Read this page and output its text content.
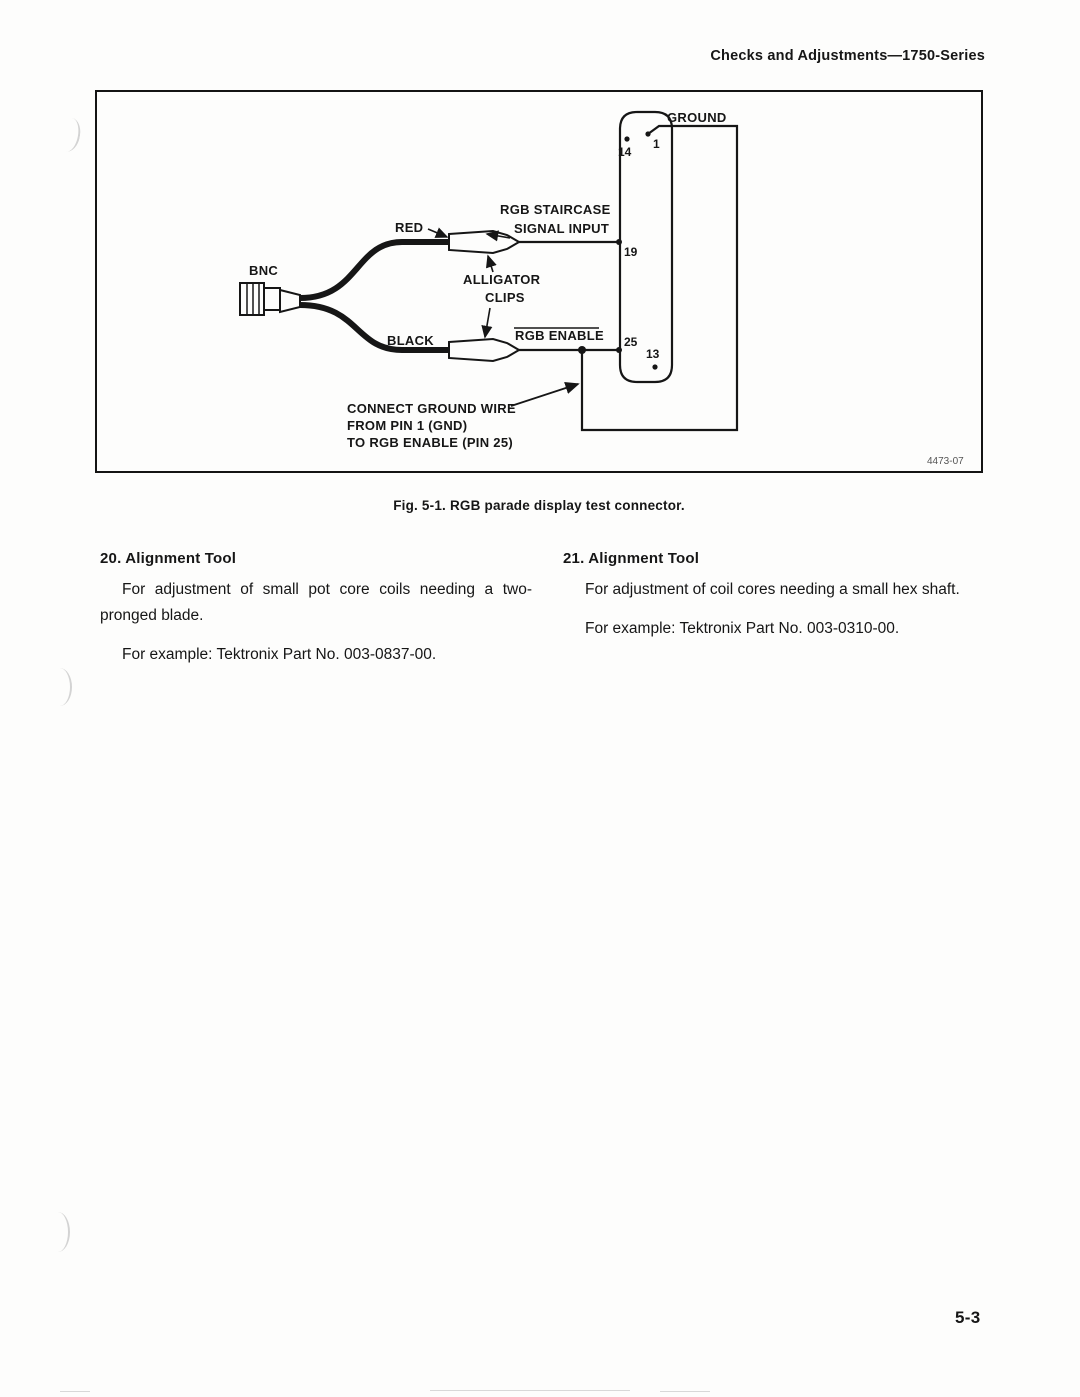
Checks and Adjustments—1750-Series
1
14
19
25
13
GROUND
RGB STAIRCASE
SIGNAL INPUT
RED
BNC
ALLIGATOR
CLIPS
BLACK	RGB ENABLE
CONNECT GROUND WIRE
FROM PIN 1 (GND)
TO RGB ENABLE (PIN 25)
4473-07
Fig. 5-1. RGB parade display test connector.
20. Alignment Tool

For adjustment of small pot core coils needing a two-pronged blade.

For example: Tektronix Part No. 003-0837-00.

21. Alignment Tool

For adjustment of coil cores needing a small hex shaft.

For example: Tektronix Part No. 003-0310-00.

5-3
